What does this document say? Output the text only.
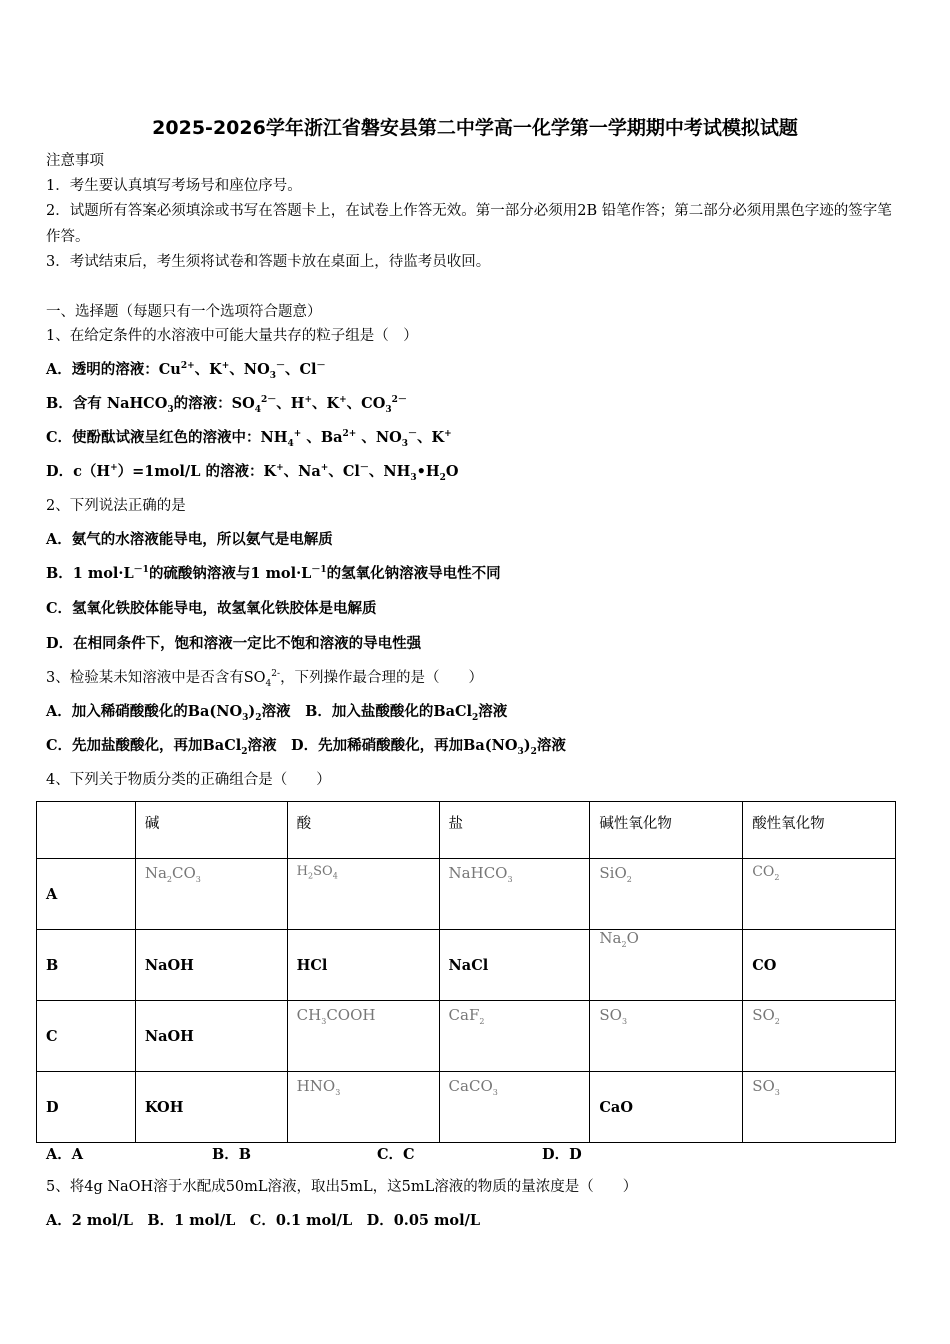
2025-2026学年浙江省磐安县第二中学高一化学第一学期期中考试模拟试题
注意事项
1．考生要认真填写考场号和座位序号。
2．试题所有答案必须填涂或书写在答题卡上，在试卷上作答无效。第一部分必须用2B 铅笔作答；第二部分必须用黑色字迹的签字笔作答。
3．考试结束后，考生须将试卷和答题卡放在桌面上，待监考员收回。
一、选择题（每题只有一个选项符合题意）
1、在给定条件的水溶液中可能大量共存的粒子组是（　）
A．透明的溶液：$Cu^{2+}$、K+、$NO_3^-$、Cl－
B．含有 NaHCO$_3$的溶液：$SO_4^{2-}$、H+、K+、$CO_3^{2-}$
C．使酚酞试液呈红色的溶液中：$NH_4^+$ 、$Ba^{2+}$ 、$NO_3^-$、K+
D．c（H+）=1mol/L 的溶液：K+、Na+、Cl－、$NH_3•H_2O$
2、下列说法正确的是
A．氨气的水溶液能导电，所以氨气是电解质
B．1 $mol\cdot L^{-1}$的硫酸钠溶液与1 $mol\cdot L^{-1}$的氢氧化钠溶液导电性不同
C．氢氧化铁胶体能导电，故氢氧化铁胶体是电解质
D．在相同条件下，饱和溶液一定比不饱和溶液的导电性强
3、检验某未知溶液中是否含有$SO_4^{2-}$，下列操作最合理的是（　　）
A．加入稀硝酸酸化的$Ba(NO_3)_2$溶液　 B．加入盐酸酸化的BaCl$_2$溶液
C．先加盐酸酸化，再加BaCl$_2$溶液　 D．先加稀硝酸酸化，再加$Ba(NO_3)_2$溶液
4、下列关于物质分类的正确组合是（　　）
	碱	酸	盐	碱性氧化物	酸性氧化物
A	$Na_2CO_3$	$H_2SO_4$	NaHCO$_3$	SiO$_2$	$CO_2$
B	NaOH	HCl	NaCl	$Na_2O$	CO
C	NaOH	$CH_3COOH$	CaF$_2$	$SO_3$	$SO_2$
D	KOH	$HNO_3$	CaCO$_3$	CaO	$SO_3$
A．A	B．B	C．C	D．D
5、将4g NaOH溶于水配成50mL溶液，取出5mL，这5mL溶液的物质的量浓度是（　　）
A．2 mol/L　B．1 mol/L　C．0.1 mol/L　D．0.05 mol/L
